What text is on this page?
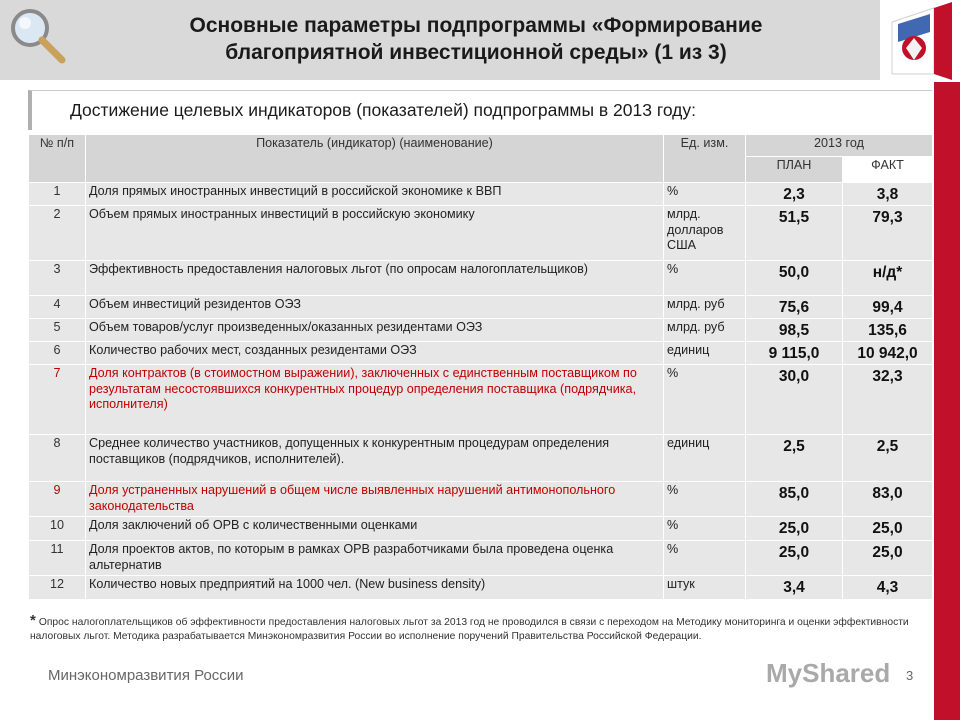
Основные параметры подпрограммы «Формирование
благоприятной инвестиционной среды» (1 из 3)
Достижение целевых индикаторов (показателей) подпрограммы в 2013 году:
№ п/п	Показатель (индикатор) (наименование)	Ед. изм.	2013 год	
			ПЛАН	ФАКТ
1	Доля прямых иностранных инвестиций в российской экономике к ВВП	%	2,3	3,8
2	Объем прямых иностранных инвестиций в российскую экономику	млрд. долларов США	51,5	79,3
3	Эффективность предоставления налоговых льгот (по опросам налогоплательщиков)	%	50,0	н/д*
4	Объем инвестиций резидентов ОЭЗ	млрд. руб	75,6	99,4
5	Объем товаров/услуг произведенных/оказанных резидентами ОЭЗ	млрд. руб	98,5	135,6
6	Количество рабочих мест, созданных резидентами ОЭЗ	единиц	9 115,0	10 942,0
7	Доля контрактов (в стоимостном выражении), заключенных с единственным поставщиком по результатам несостоявшихся конкурентных процедур определения поставщика (подрядчика, исполнителя)	%	30,0	32,3
8	Среднее количество участников, допущенных к конкурентным процедурам определения поставщиков (подрядчиков, исполнителей).	единиц	2,5	2,5
9	Доля устраненных нарушений в общем числе выявленных нарушений антимонопольного законодательства	%	85,0	83,0
10	Доля заключений об ОРВ с количественными оценками	%	25,0	25,0
11	Доля проектов актов, по которым в рамках ОРВ разработчиками была проведена оценка альтернатив	%	25,0	25,0
12	Количество новых предприятий на 1000 чел. (New business density)	штук	3,4	4,3
* Опрос налогоплательщиков об эффективности предоставления налоговых льгот за 2013 год не проводился в связи с переходом на Методику мониторинга и оценки эффективности налоговых льгот. Методика разрабатывается Минэкономразвития России во исполнение поручений Правительства Российской Федерации.
Минэкономразвития России	MyShared 3
